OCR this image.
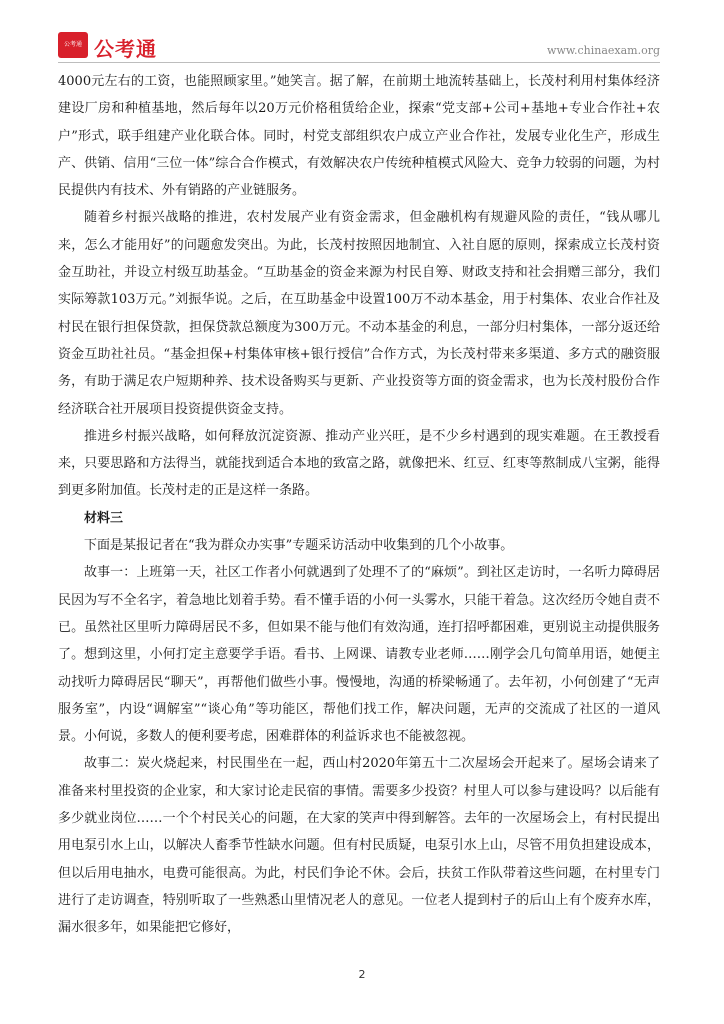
公考通 公考通	www.chinaexam.org

4000元左右的工资，也能照顾家里。”她笑言。据了解，在前期土地流转基础上，长茂村利用村集体经济建设厂房和种植基地，然后每年以20万元价格租赁给企业，探索“党支部+公司+基地+专业合作社+农户”形式，联手组建产业化联合体。同时，村党支部组织农户成立产业合作社，发展专业化生产，形成生产、供销、信用“三位一体”综合合作模式，有效解决农户传统种植模式风险大、竞争力较弱的问题，为村民提供内有技术、外有销路的产业链服务。

随着乡村振兴战略的推进，农村发展产业有资金需求，但金融机构有规避风险的责任，“钱从哪儿来，怎么才能用好”的问题愈发突出。为此，长茂村按照因地制宜、入社自愿的原则，探索成立长茂村资金互助社，并设立村级互助基金。“互助基金的资金来源为村民自筹、财政支持和社会捐赠三部分，我们实际筹款103万元。”刘振华说。之后，在互助基金中设置100万不动本基金，用于村集体、农业合作社及村民在银行担保贷款，担保贷款总额度为300万元。不动本基金的利息，一部分归村集体，一部分返还给资金互助社社员。“基金担保+村集体审核+银行授信”合作方式，为长茂村带来多渠道、多方式的融资服务，有助于满足农户短期种养、技术设备购买与更新、产业投资等方面的资金需求，也为长茂村股份合作经济联合社开展项目投资提供资金支持。

推进乡村振兴战略，如何释放沉淀资源、推动产业兴旺，是不少乡村遇到的现实难题。在王教授看来，只要思路和方法得当，就能找到适合本地的致富之路，就像把米、红豆、红枣等熬制成八宝粥，能得到更多附加值。长茂村走的正是这样一条路。

材料三

下面是某报记者在“我为群众办实事”专题采访活动中收集到的几个小故事。

故事一：上班第一天，社区工作者小何就遇到了处理不了的“麻烦”。到社区走访时，一名听力障碍居民因为写不全名字，着急地比划着手势。看不懂手语的小何一头雾水，只能干着急。这次经历令她自责不已。虽然社区里听力障碍居民不多，但如果不能与他们有效沟通，连打招呼都困难，更别说主动提供服务了。想到这里，小何打定主意要学手语。看书、上网课、请教专业老师……刚学会几句简单用语，她便主动找听力障碍居民“聊天”，再帮他们做些小事。慢慢地，沟通的桥梁畅通了。去年初，小何创建了“无声服务室”，内设“调解室”“谈心角”等功能区，帮他们找工作，解决问题，无声的交流成了社区的一道风景。小何说，多数人的便利要考虑，困难群体的利益诉求也不能被忽视。

故事二：炭火烧起来，村民围坐在一起，西山村2020年第五十二次屋场会开起来了。屋场会请来了准备来村里投资的企业家，和大家讨论走民宿的事情。需要多少投资？村里人可以参与建设吗？以后能有多少就业岗位……一个个村民关心的问题，在大家的笑声中得到解答。去年的一次屋场会上，有村民提出用电泵引水上山，以解决人畜季节性缺水问题。但有村民质疑，电泵引水上山，尽管不用负担建设成本，但以后用电抽水，电费可能很高。为此，村民们争论不休。会后，扶贫工作队带着这些问题，在村里专门进行了走访调查，特别听取了一些熟悉山里情况老人的意见。一位老人提到村子的后山上有个废弃水库，漏水很多年，如果能把它修好，

2
